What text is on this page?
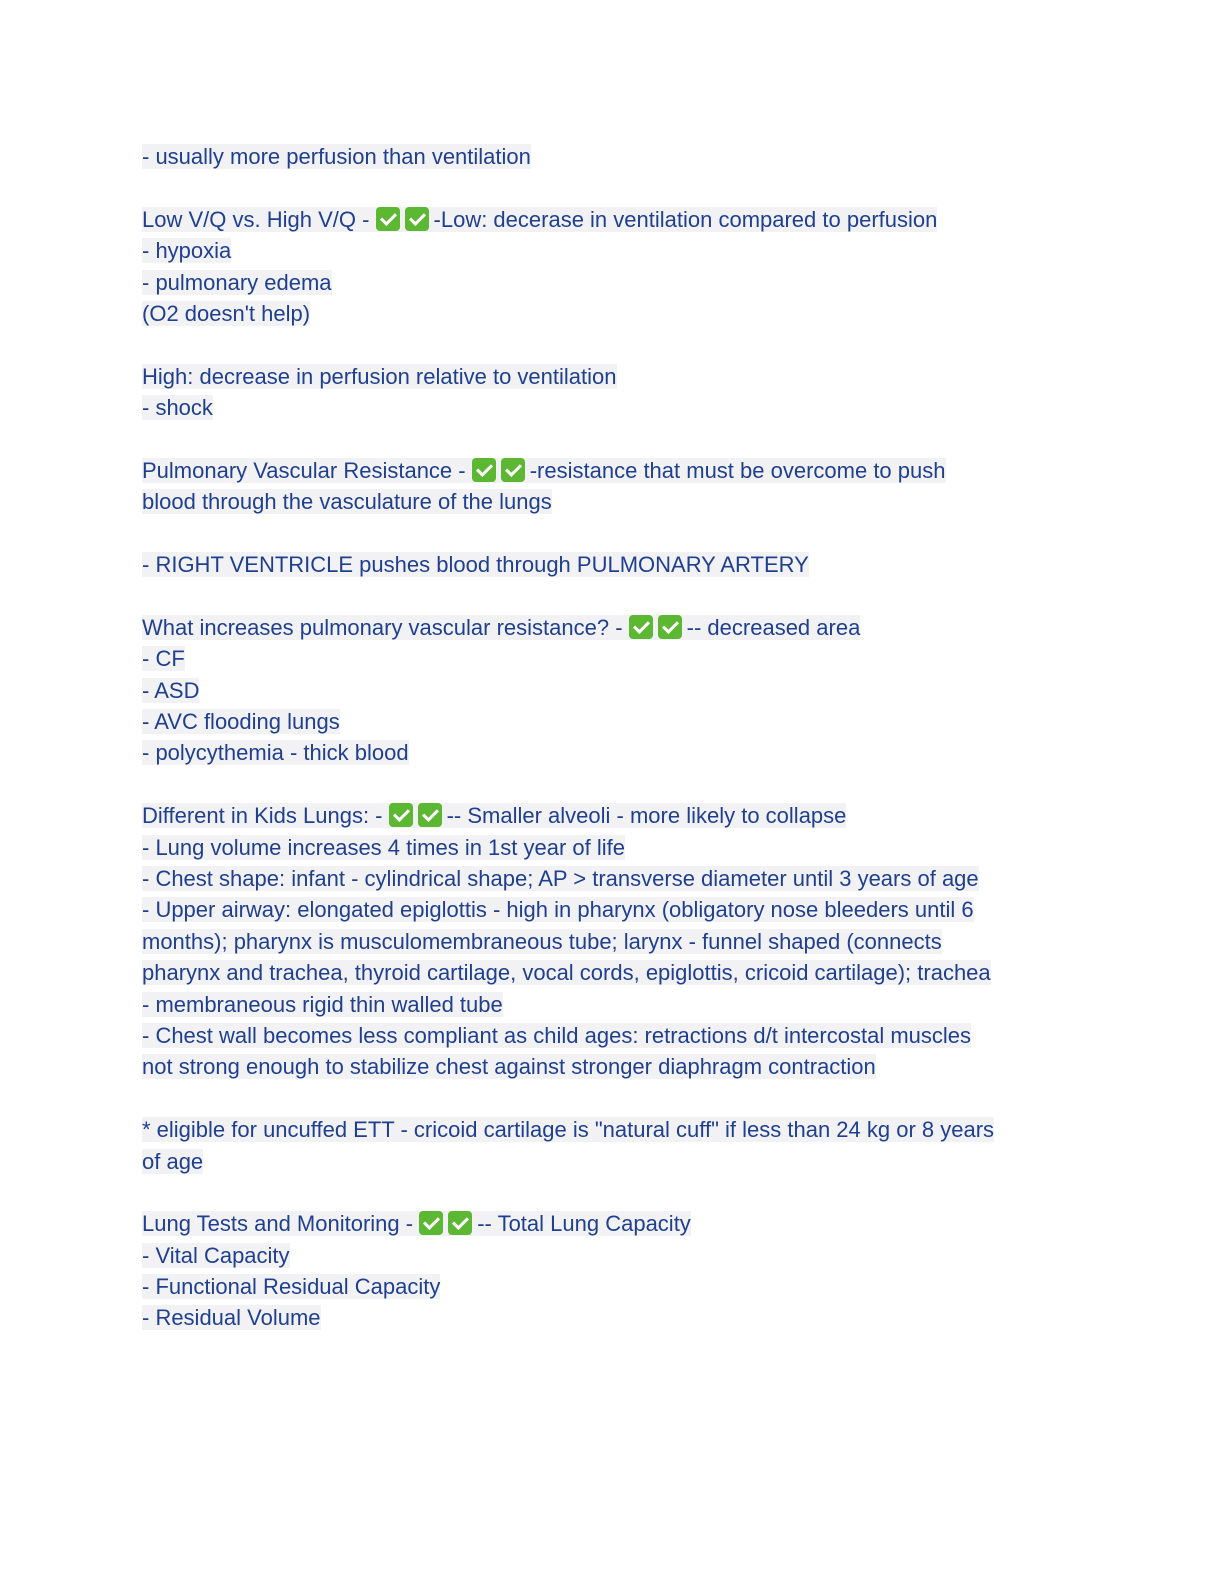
- usually more perfusion than ventilation
Low V/Q vs. High V/Q -	-Low: decerase in ventilation compared to perfusion
- hypoxia
- pulmonary edema
(O2 doesn't help)
High: decrease in perfusion relative to ventilation
- shock
Pulmonary Vascular Resistance -	-resistance that must be overcome to push
blood through the vasculature of the lungs
- RIGHT VENTRICLE pushes blood through PULMONARY ARTERY
What increases pulmonary vascular resistance? -	-- decreased area
- CF
- ASD
- AVC flooding lungs
- polycythemia - thick blood
Different in Kids Lungs: -	-- Smaller alveoli - more likely to collapse
- Lung volume increases 4 times in 1st year of life
- Chest shape: infant - cylindrical shape; AP > transverse diameter until 3 years of age
- Upper airway: elongated epiglottis - high in pharynx (obligatory nose bleeders until 6
months); pharynx is musculomembraneous tube; larynx - funnel shaped (connects
pharynx and trachea, thyroid cartilage, vocal cords, epiglottis, cricoid cartilage); trachea
- membraneous rigid thin walled tube
- Chest wall becomes less compliant as child ages: retractions d/t intercostal muscles
not strong enough to stabilize chest against stronger diaphragm contraction
* eligible for uncuffed ETT - cricoid cartilage is "natural cuff" if less than 24 kg or 8 years
of age
Lung Tests and Monitoring -	-- Total Lung Capacity
- Vital Capacity
- Functional Residual Capacity
- Residual Volume
